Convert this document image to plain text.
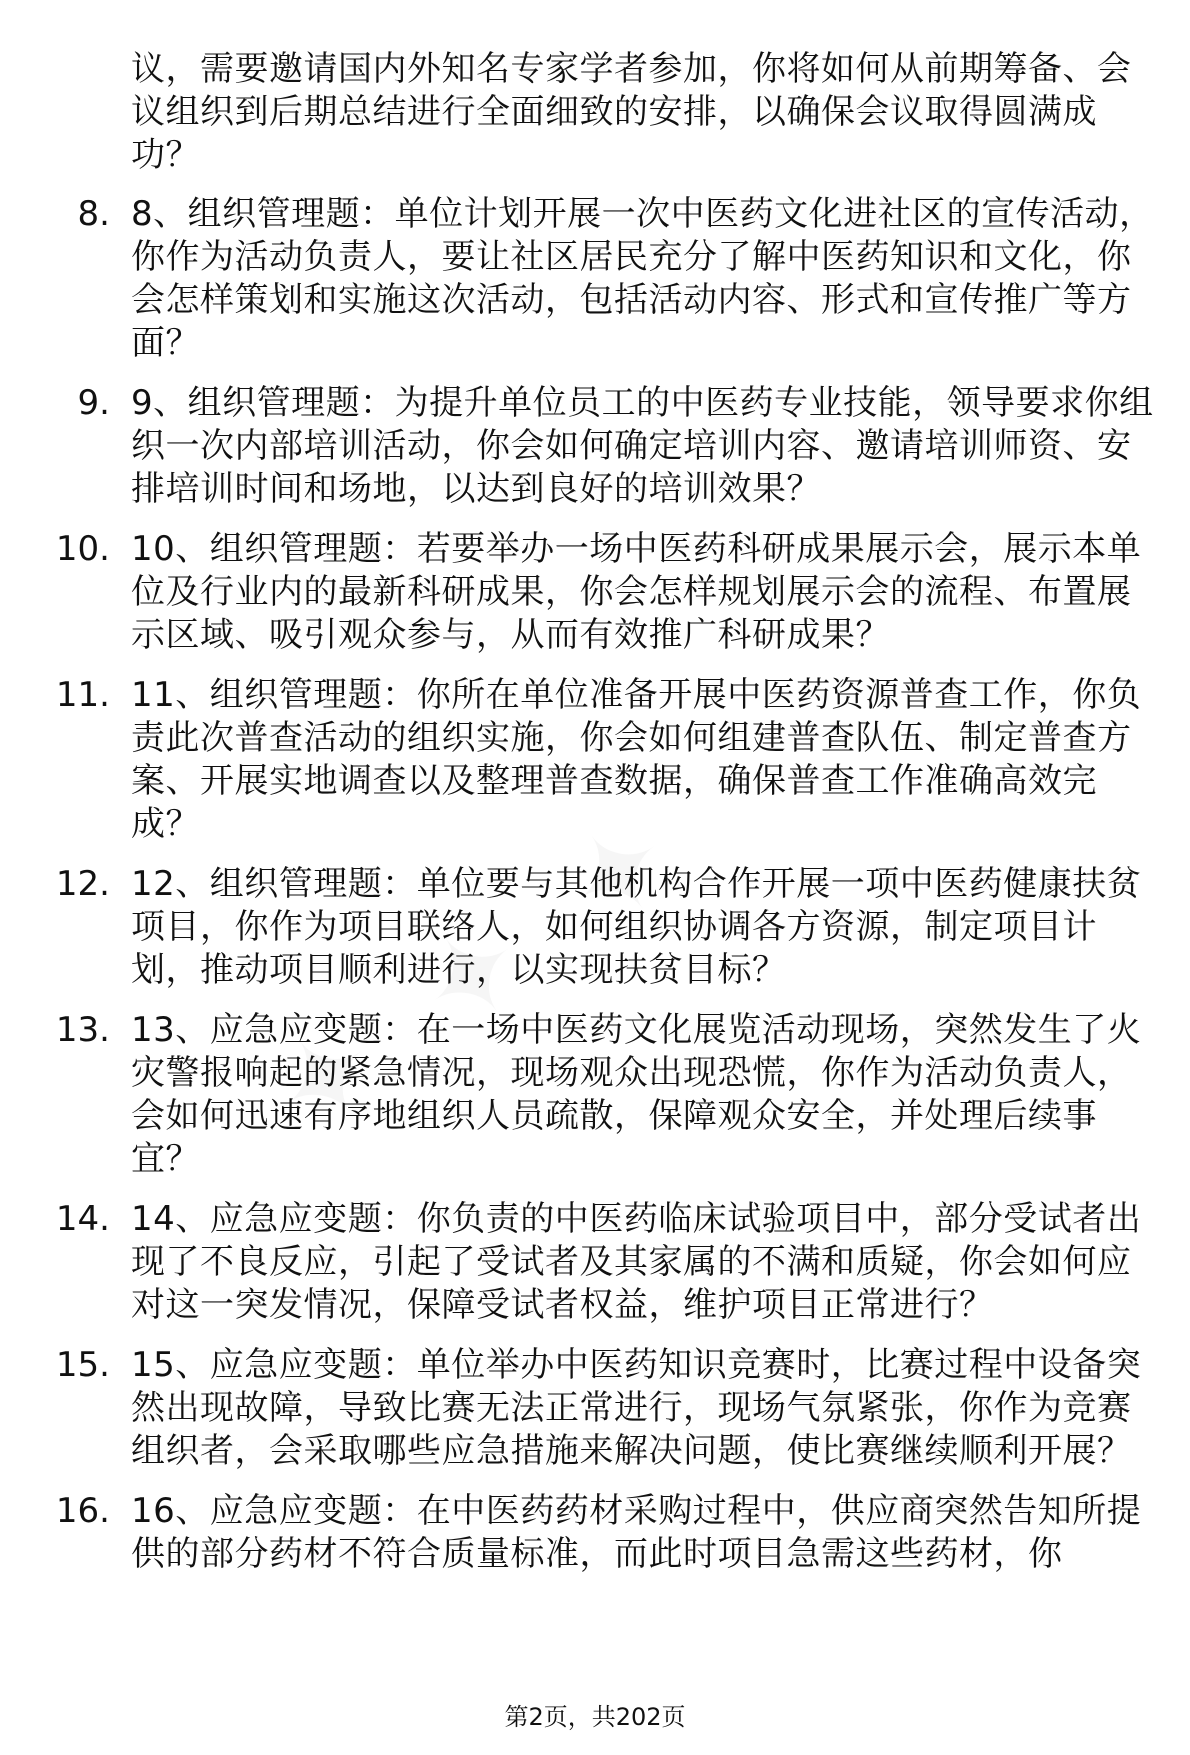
议，需要邀请国内外知名专家学者参加，你将如何从前期筹备、会议组织到后期总结进行全面细致的安排，以确保会议取得圆满成功？
8. 8、组织管理题：单位计划开展一次中医药文化进社区的宣传活动，你作为活动负责人，要让社区居民充分了解中医药知识和文化，你会怎样策划和实施这次活动，包括活动内容、形式和宣传推广等方面？
9. 9、组织管理题：为提升单位员工的中医药专业技能，领导要求你组织一次内部培训活动，你会如何确定培训内容、邀请培训师资、安排培训时间和场地，以达到良好的培训效果？
10. 10、组织管理题：若要举办一场中医药科研成果展示会，展示本单位及行业内的最新科研成果，你会怎样规划展示会的流程、布置展示区域、吸引观众参与，从而有效推广科研成果？
11. 11、组织管理题：你所在单位准备开展中医药资源普查工作，你负责此次普查活动的组织实施，你会如何组建普查队伍、制定普查方案、开展实地调查以及整理普查数据，确保普查工作准确高效完成？
12. 12、组织管理题：单位要与其他机构合作开展一项中医药健康扶贫项目，你作为项目联络人，如何组织协调各方资源，制定项目计划，推动项目顺利进行，以实现扶贫目标？
13. 13、应急应变题：在一场中医药文化展览活动现场，突然发生了火灾警报响起的紧急情况，现场观众出现恐慌，你作为活动负责人，会如何迅速有序地组织人员疏散，保障观众安全，并处理后续事宜？
14. 14、应急应变题：你负责的中医药临床试验项目中，部分受试者出现了不良反应，引起了受试者及其家属的不满和质疑，你会如何应对这一突发情况，保障受试者权益，维护项目正常进行？
15. 15、应急应变题：单位举办中医药知识竞赛时，比赛过程中设备突然出现故障，导致比赛无法正常进行，现场气氛紧张，你作为竞赛组织者，会采取哪些应急措施来解决问题，使比赛继续顺利开展？
16. 16、应急应变题：在中医药药材采购过程中，供应商突然告知所提供的部分药材不符合质量标准，而此时项目急需这些药材，你
第2页，共202页
